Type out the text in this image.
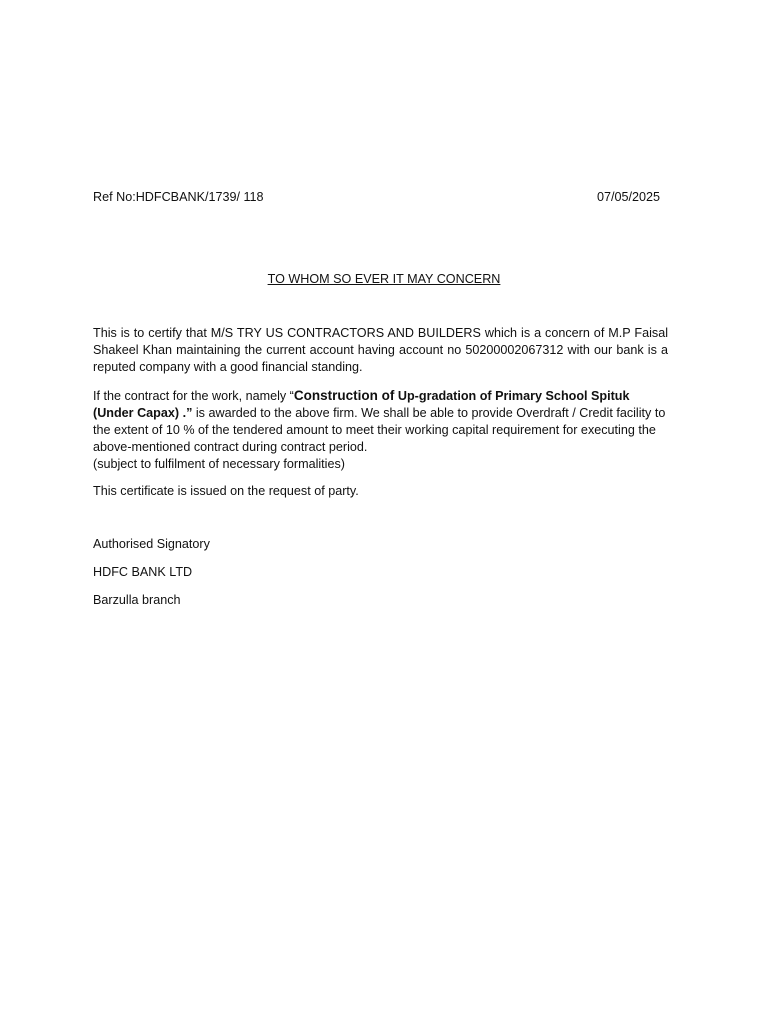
Ref No:HDFCBANK/1739/ 118	07/05/2025
TO WHOM SO EVER IT MAY CONCERN

This is to certify that M/S TRY US CONTRACTORS AND BUILDERS which is a concern of M.P Faisal Shakeel Khan maintaining the current account having account no 50200002067312 with our bank is a reputed company with a good financial standing.

If the contract for the work, namely “Construction of Up-gradation of Primary School Spituk (Under Capax) .” is awarded to the above firm. We shall be able to provide Overdraft / Credit facility to the extent of 10 % of the tendered amount to meet their working capital requirement for executing the above-mentioned contract during contract period.
(subject to fulfilment of necessary formalities)

This certificate is issued on the request of party.

Authorised Signatory

HDFC BANK LTD

Barzulla branch
